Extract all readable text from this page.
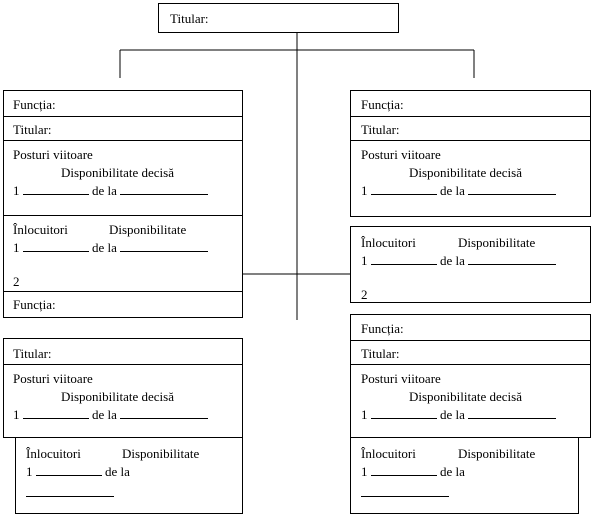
Titular:
Funcția:
Titular:
Posturi viitoare
Disponibilitate decisă
1	de la
Înlocuitori	Disponibilitate
1	de la
2
Funcția:
Titular:
Posturi viitoare
Disponibilitate decisă
1	de la
Înlocuitori	Disponibilitate
1	de la
Funcția:
Titular:
Posturi viitoare
Disponibilitate decisă
1	de la
Înlocuitori	Disponibilitate
1	de la
2
Funcția:
Titular:
Posturi viitoare
Disponibilitate decisă
1	de la
Înlocuitori	Disponibilitate
1	de la
